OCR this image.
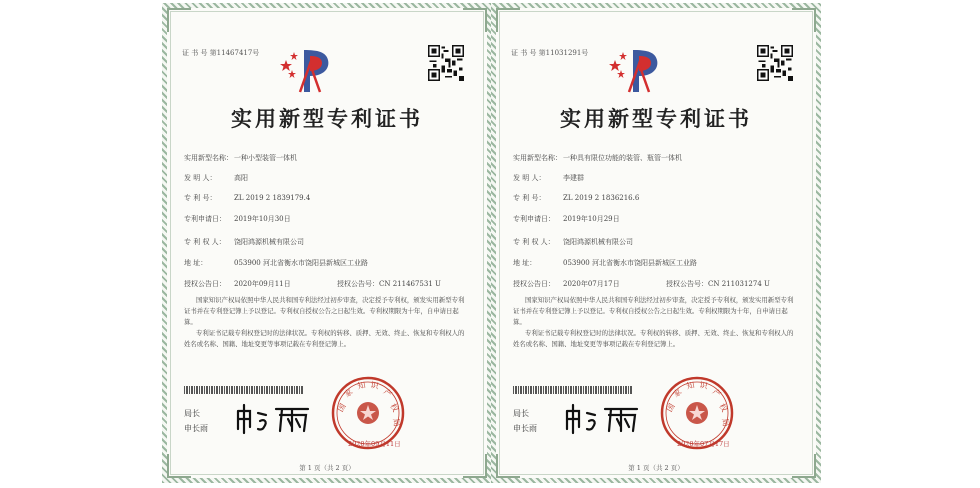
证 书 号 第11467417号
实用新型专利证书
实用新型名称：一种小型装管一体机
发 明 人：	高阳
专 利 号：	ZL 2019 2 1839179.4
专利申请日： 2019年10月30日
专 利 权 人： 饶阳鸿源机械有限公司
地 址：	053900 河北省衡水市饶阳县新城区工业路
授权公告日： 2020年09月11日	授权公告号：CN 211467531 U
国家知识产权局依照中华人民共和国专利法经过初步审查，决定授予专利权，颁发实用新型专利证书并在专利登记簿上予以登记。专利权自授权公告之日起生效。专利权期限为十年，自申请日起算。
专利证书记载专利权登记时的法律状况。专利权的转移、质押、无效、终止、恢复和专利权人的姓名或名称、国籍、地址变更等事项记载在专利登记簿上。
局长
申长雨
国
家
知 识
产
权
局
2020年09月11日
第 1 页（共 2 页）
证 书 号 第11031291号
实用新型专利证书
实用新型名称：一种具有限位功能的装管、瓶管一体机
发 明 人：	李建群
专 利 号：	ZL 2019 2 1836216.6
专利申请日： 2019年10月29日
专 利 权 人： 饶阳鸿源机械有限公司
地 址：	053900 河北省衡水市饶阳县新城区工业路
授权公告日： 2020年07月17日	授权公告号：CN 211031274 U
国家知识产权局依照中华人民共和国专利法经过初步审查，决定授予专利权，颁发实用新型专利证书并在专利登记簿上予以登记。专利权自授权公告之日起生效。专利权期限为十年，自申请日起算。
专利证书记载专利权登记时的法律状况。专利权的转移、质押、无效、终止、恢复和专利权人的姓名或名称、国籍、地址变更等事项记载在专利登记簿上。
局长
申长雨
国
家
知 识
产
权
局
2020年07月17日
第 1 页（共 2 页）
